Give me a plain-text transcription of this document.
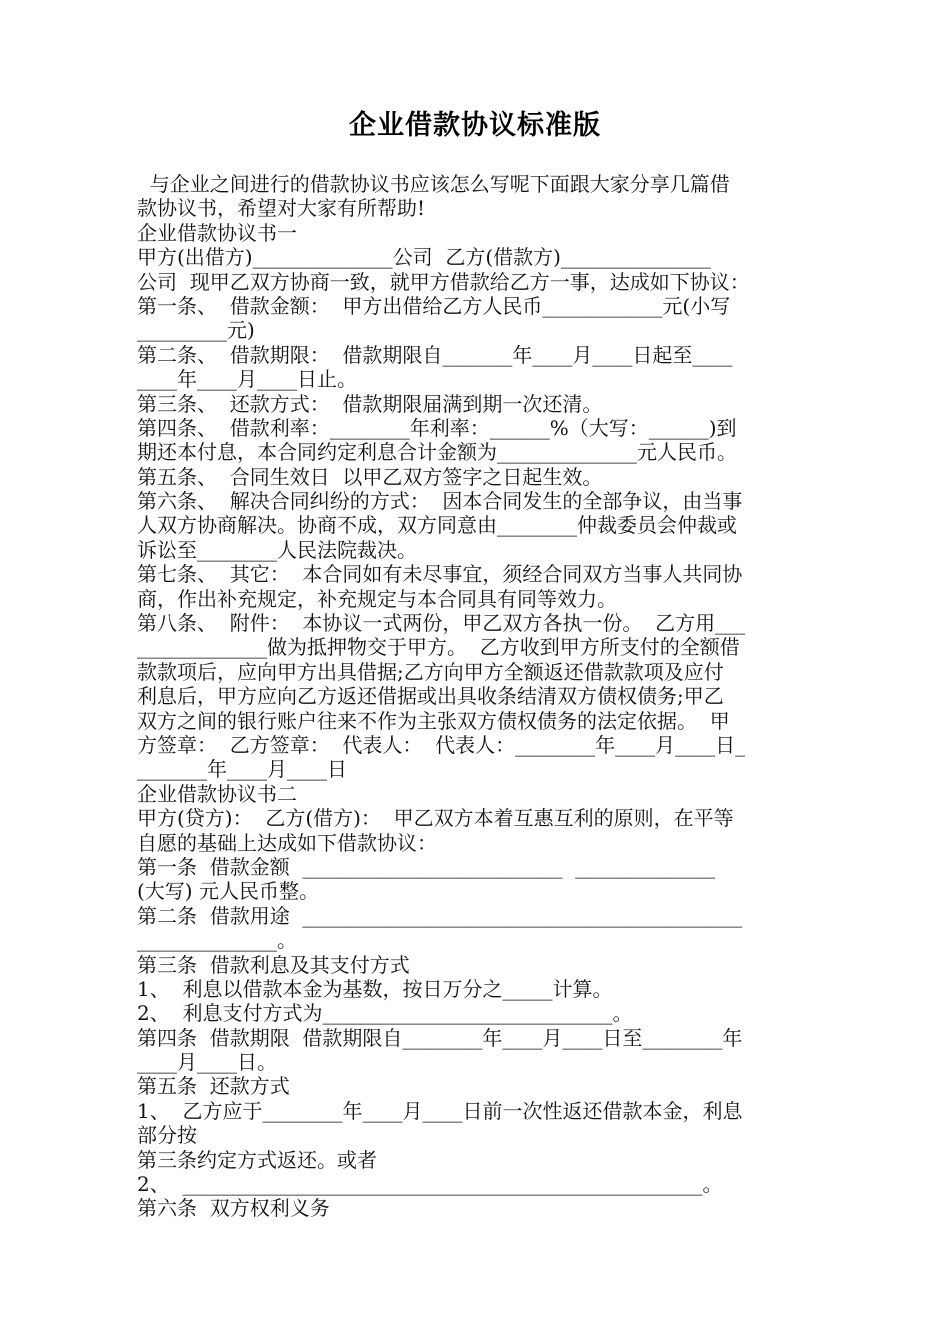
企业借款协议标准版
与企业之间进行的借款协议书应该怎么写呢下面跟大家分享几篇借
款协议书，希望对大家有所帮助!
企业借款协议书一
甲方(出借方)______________公司  乙方(借款方)_______________
公司  现甲乙双方协商一致，就甲方借款给乙方一事，达成如下协议：
第一条、  借款金额：  甲方出借给乙方人民币____________元(小写
_________元)
第二条、  借款期限：  借款期限自_______年____月____日起至____
____年____月____日止。
第三条、  还款方式：  借款期限届满到期一次还清。
第四条、  借款利率：________年利率：______%（大写：______)到
期还本付息，本合同约定利息合计金额为______________元人民币。
第五条、  合同生效日  以甲乙双方签字之日起生效。
第六条、  解决合同纠纷的方式：  因本合同发生的全部争议，由当事
人双方协商解决。协商不成，双方同意由________仲裁委员会仲裁或
诉讼至________人民法院裁决。
第七条、  其它：  本合同如有未尽事宜，须经合同双方当事人共同协
商，作出补充规定，补充规定与本合同具有同等效力。
第八条、  附件：  本协议一式两份，甲乙双方各执一份。  乙方用___
_____________做为抵押物交于甲方。  乙方收到甲方所支付的全额借
款款项后，应向甲方出具借据;乙方向甲方全额返还借款款项及应付
利息后，甲方应向乙方返还借据或出具收条结清双方债权债务;甲乙
双方之间的银行账户往来不作为主张双方债权债务的法定依据。  甲
方签章：  乙方签章：  代表人：  代表人：________年____月____日_
_______年____月____日
企业借款协议书二
甲方(贷方)：  乙方(借方)：  甲乙双方本着互惠互利的原则，在平等
自愿的基础上达成如下借款协议：
第一条  借款金额  __________________________  ______________
(大写) 元人民币整。
第二条  借款用途  ____________________________________________
______________。
第三条  借款利息及其支付方式
1、  利息以借款本金为基数，按日万分之_____计算。
2、  利息支付方式为_____________________________。
第四条  借款期限  借款期限自________年____月____日至________年
____月____日。
第五条  还款方式
1、  乙方应于________年____月____日前一次性返还借款本金，利息
部分按
第三条约定方式返还。或者
2、  ____________________________________________________。
第六条  双方权利义务
